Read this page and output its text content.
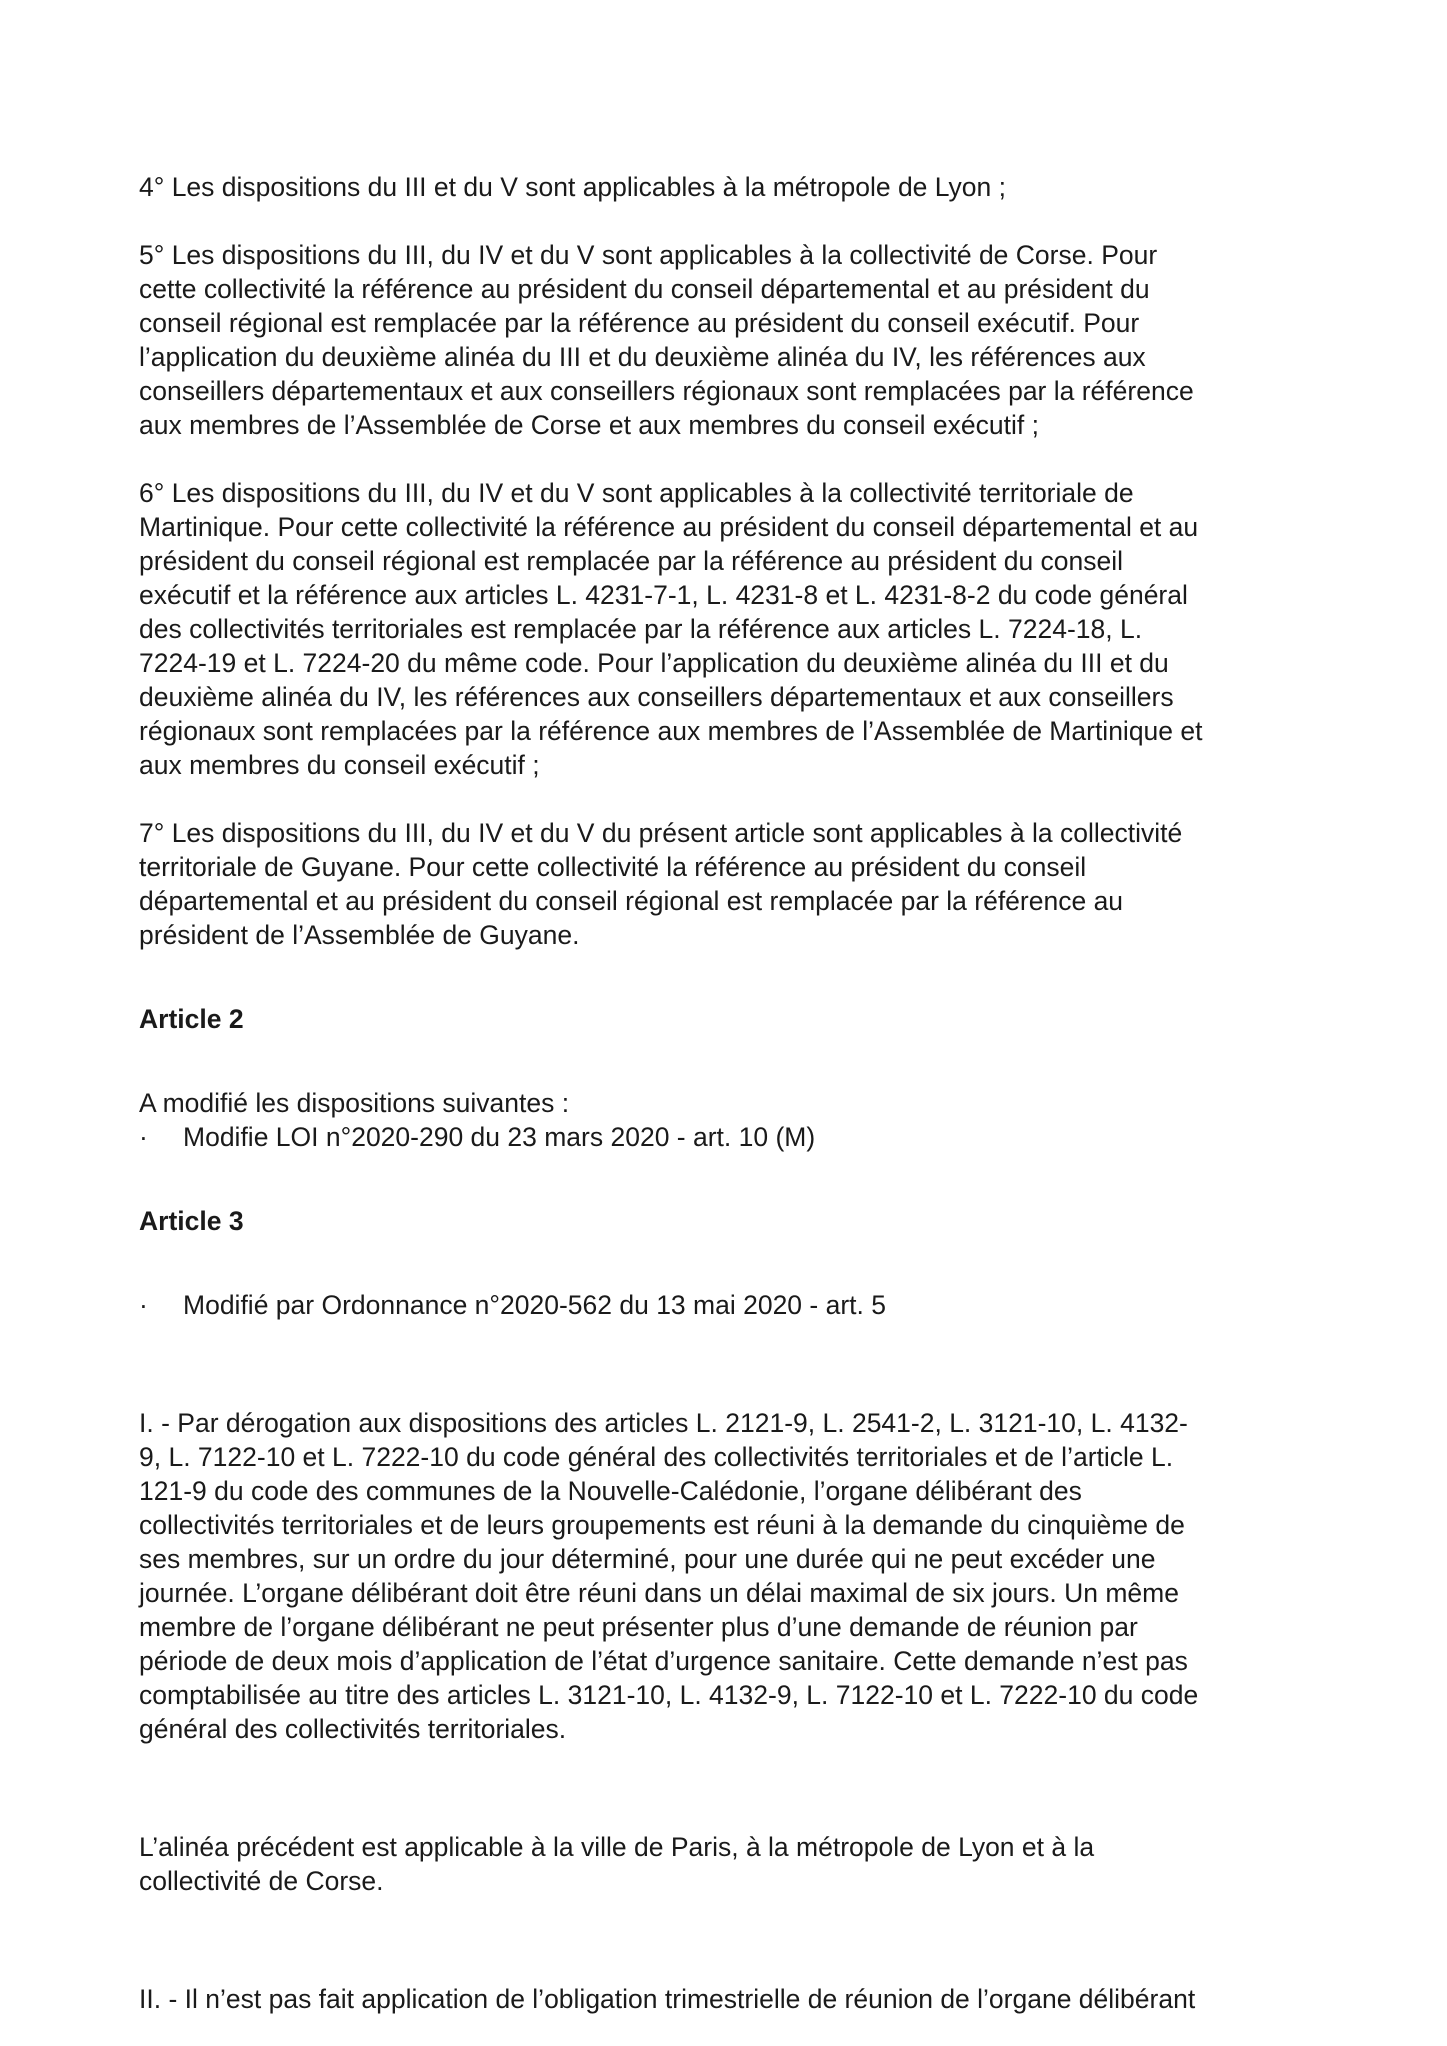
4° Les dispositions du III et du V sont applicables à la métropole de Lyon ;
5° Les dispositions du III, du IV et du V sont applicables à la collectivité de Corse. Pour
cette collectivité la référence au président du conseil départemental et au président du
conseil régional est remplacée par la référence au président du conseil exécutif. Pour
l’application du deuxième alinéa du III et du deuxième alinéa du IV, les références aux
conseillers départementaux et aux conseillers régionaux sont remplacées par la référence
aux membres de l’Assemblée de Corse et aux membres du conseil exécutif ;
6° Les dispositions du III, du IV et du V sont applicables à la collectivité territoriale de
Martinique. Pour cette collectivité la référence au président du conseil départemental et au
président du conseil régional est remplacée par la référence au président du conseil
exécutif et la référence aux articles L. 4231-7-1, L. 4231-8 et L. 4231-8-2 du code général
des collectivités territoriales est remplacée par la référence aux articles L. 7224-18, L.
7224-19 et L. 7224-20 du même code. Pour l’application du deuxième alinéa du III et du
deuxième alinéa du IV, les références aux conseillers départementaux et aux conseillers
régionaux sont remplacées par la référence aux membres de l’Assemblée de Martinique et
aux membres du conseil exécutif ;
7° Les dispositions du III, du IV et du V du présent article sont applicables à la collectivité
territoriale de Guyane. Pour cette collectivité la référence au président du conseil
départemental et au président du conseil régional est remplacée par la référence au
président de l’Assemblée de Guyane.
Article 2
A modifié les dispositions suivantes :
· Modifie LOI n°2020-290 du 23 mars 2020 - art. 10 (M)
Article 3
· Modifié par Ordonnance n°2020-562 du 13 mai 2020 - art. 5
I. - Par dérogation aux dispositions des articles L. 2121-9, L. 2541-2, L. 3121-10, L. 4132-
9, L. 7122-10 et L. 7222-10 du code général des collectivités territoriales et de l’article L.
121-9 du code des communes de la Nouvelle-Calédonie, l’organe délibérant des
collectivités territoriales et de leurs groupements est réuni à la demande du cinquième de
ses membres, sur un ordre du jour déterminé, pour une durée qui ne peut excéder une
journée. L’organe délibérant doit être réuni dans un délai maximal de six jours. Un même
membre de l’organe délibérant ne peut présenter plus d’une demande de réunion par
période de deux mois d’application de l’état d’urgence sanitaire. Cette demande n’est pas
comptabilisée au titre des articles L. 3121-10, L. 4132-9, L. 7122-10 et L. 7222-10 du code
général des collectivités territoriales.
L’alinéa précédent est applicable à la ville de Paris, à la métropole de Lyon et à la
collectivité de Corse.
II. - Il n’est pas fait application de l’obligation trimestrielle de réunion de l’organe délibérant
